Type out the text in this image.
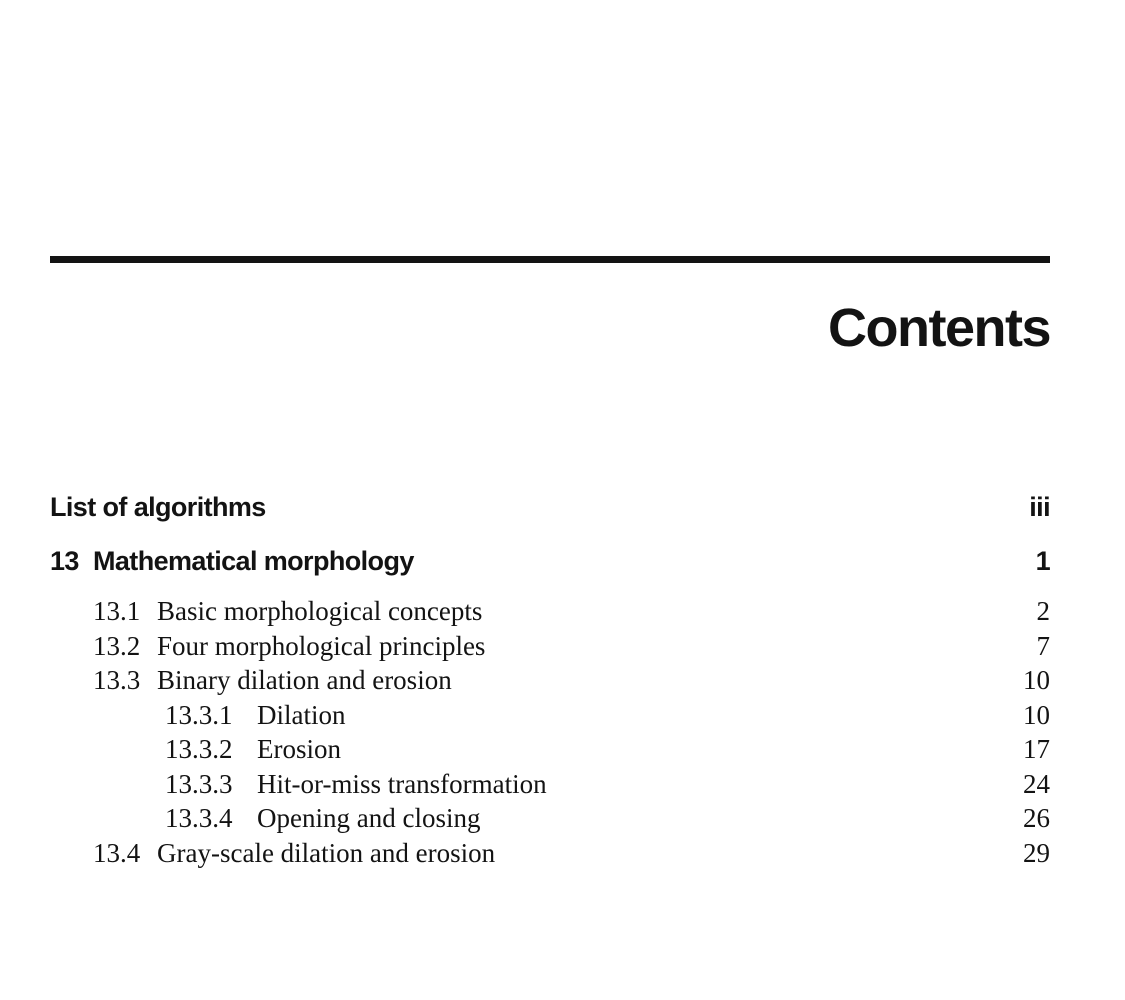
Contents
List of algorithms	iii
13 Mathematical morphology	1
13.1 Basic morphological concepts	2
13.2 Four morphological principles	7
13.3 Binary dilation and erosion	10
13.3.1 Dilation	10
13.3.2 Erosion	17
13.3.3 Hit-or-miss transformation	24
13.3.4 Opening and closing	26
13.4 Gray-scale dilation and erosion	29
